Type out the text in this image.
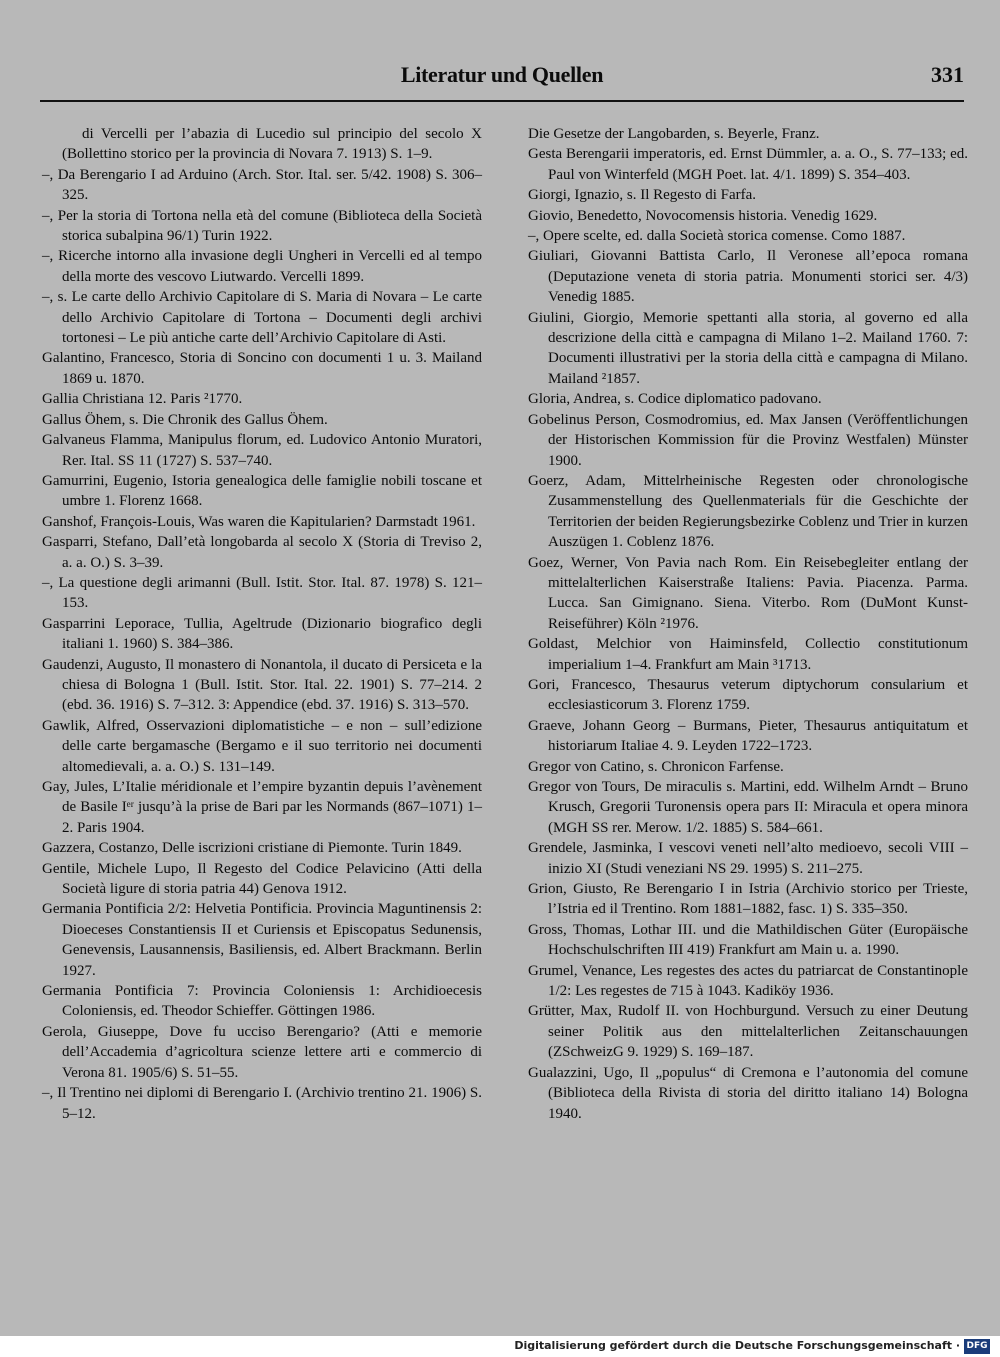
Literatur und Quellen	331

di Vercelli per l’abazia di Lucedio sul principio del secolo X (Bollettino storico per la provincia di Novara 7. 1913) S. 1–9.

–, Da Berengario I ad Arduino (Arch. Stor. Ital. ser. 5/42. 1908) S. 306–325.

–, Per la storia di Tortona nella età del comune (Biblioteca della Società storica subalpina 96/1) Turin 1922.

–, Ricerche intorno alla invasione degli Ungheri in Vercelli ed al tempo della morte des vescovo Liutwardo. Vercelli 1899.

–, s. Le carte dello Archivio Capitolare di S. Maria di Novara – Le carte dello Archivio Capitolare di Tortona – Documenti degli archivi tortonesi – Le più antiche carte dell’Archivio Capitolare di Asti.

Galantino, Francesco, Storia di Soncino con documenti 1 u. 3. Mailand 1869 u. 1870.

Gallia Christiana 12. Paris ²1770.

Gallus Öhem, s. Die Chronik des Gallus Öhem.

Galvaneus Flamma, Manipulus florum, ed. Ludovico Antonio Muratori, Rer. Ital. SS 11 (1727) S. 537–740.

Gamurrini, Eugenio, Istoria genealogica delle famiglie nobili toscane et umbre 1. Florenz 1668.

Ganshof, François-Louis, Was waren die Kapitularien? Darmstadt 1961.

Gasparri, Stefano, Dall’età longobarda al secolo X (Storia di Treviso 2, a. a. O.) S. 3–39.

–, La questione degli arimanni (Bull. Istit. Stor. Ital. 87. 1978) S. 121–153.

Gasparrini Leporace, Tullia, Ageltrude (Dizionario biografico degli italiani 1. 1960) S. 384–386.

Gaudenzi, Augusto, Il monastero di Nonantola, il ducato di Persiceta e la chiesa di Bologna 1 (Bull. Istit. Stor. Ital. 22. 1901) S. 77–214. 2 (ebd. 36. 1916) S. 7–312. 3: Appendice (ebd. 37. 1916) S. 313–570.

Gawlik, Alfred, Osservazioni diplomatistiche – e non – sull’edizione delle carte bergamasche (Bergamo e il suo territorio nei documenti altomedievali, a. a. O.) S. 131–149.

Gay, Jules, L’Italie méridionale et l’empire byzantin depuis l’avènement de Basile Iᵉʳ jusqu’à la prise de Bari par les Normands (867–1071) 1–2. Paris 1904.

Gazzera, Costanzo, Delle iscrizioni cristiane di Piemonte. Turin 1849.

Gentile, Michele Lupo, Il Regesto del Codice Pelavicino (Atti della Società ligure di storia patria 44) Genova 1912.

Germania Pontificia 2/2: Helvetia Pontificia. Provincia Maguntinensis 2: Dioeceses Constantiensis II et Curiensis et Episcopatus Sedunensis, Genevensis, Lausannensis, Basiliensis, ed. Albert Brackmann. Berlin 1927.

Germania Pontificia 7: Provincia Coloniensis 1: Archidioecesis Coloniensis, ed. Theodor Schieffer. Göttingen 1986.

Gerola, Giuseppe, Dove fu ucciso Berengario? (Atti e memorie dell’Accademia d’agricoltura scienze lettere arti e commercio di Verona 81. 1905/6) S. 51–55.

–, Il Trentino nei diplomi di Berengario I. (Archivio trentino 21. 1906) S. 5–12.

Die Gesetze der Langobarden, s. Beyerle, Franz.

Gesta Berengarii imperatoris, ed. Ernst Dümmler, a. a. O., S. 77–133; ed. Paul von Winterfeld (MGH Poet. lat. 4/1. 1899) S. 354–403.

Giorgi, Ignazio, s. Il Regesto di Farfa.

Giovio, Benedetto, Novocomensis historia. Venedig 1629.

–, Opere scelte, ed. dalla Società storica comense. Como 1887.

Giuliari, Giovanni Battista Carlo, Il Veronese all’epoca romana (Deputazione veneta di storia patria. Monumenti storici ser. 4/3) Venedig 1885.

Giulini, Giorgio, Memorie spettanti alla storia, al governo ed alla descrizione della città e campagna di Milano 1–2. Mailand 1760. 7: Documenti illustrativi per la storia della città e campagna di Milano. Mailand ²1857.

Gloria, Andrea, s. Codice diplomatico padovano.

Gobelinus Person, Cosmodromius, ed. Max Jansen (Veröffentlichungen der Historischen Kommission für die Provinz Westfalen) Münster 1900.

Goerz, Adam, Mittelrheinische Regesten oder chronologische Zusammenstellung des Quellenmaterials für die Geschichte der Territorien der beiden Regierungsbezirke Coblenz und Trier in kurzen Auszügen 1. Coblenz 1876.

Goez, Werner, Von Pavia nach Rom. Ein Reisebegleiter entlang der mittelalterlichen Kaiserstraße Italiens: Pavia. Piacenza. Parma. Lucca. San Gimignano. Siena. Viterbo. Rom (DuMont Kunst-Reiseführer) Köln ²1976.

Goldast, Melchior von Haiminsfeld, Collectio constitutionum imperialium 1–4. Frankfurt am Main ³1713.

Gori, Francesco, Thesaurus veterum diptychorum consularium et ecclesiasticorum 3. Florenz 1759.

Graeve, Johann Georg – Burmans, Pieter, Thesaurus antiquitatum et historiarum Italiae 4. 9. Leyden 1722–1723.

Gregor von Catino, s. Chronicon Farfense.

Gregor von Tours, De miraculis s. Martini, edd. Wilhelm Arndt – Bruno Krusch, Gregorii Turonensis opera pars II: Miracula et opera minora (MGH SS rer. Merow. 1/2. 1885) S. 584–661.

Grendele, Jasminka, I vescovi veneti nell’alto medioevo, secoli VIII – inizio XI (Studi veneziani NS 29. 1995) S. 211–275.

Grion, Giusto, Re Berengario I in Istria (Archivio storico per Trieste, l’Istria ed il Trentino. Rom 1881–1882, fasc. 1) S. 335–350.

Gross, Thomas, Lothar III. und die Mathildischen Güter (Europäische Hochschulschriften III 419) Frankfurt am Main u. a. 1990.

Grumel, Venance, Les regestes des actes du patriarcat de Constantinople 1/2: Les regestes de 715 à 1043. Kadiköy 1936.

Grütter, Max, Rudolf II. von Hochburgund. Versuch zu einer Deutung seiner Politik aus den mittelalterlichen Zeitanschauungen (ZSchweizG 9. 1929) S. 169–187.

Gualazzini, Ugo, Il „populus“ di Cremona e l’autonomia del comune (Biblioteca della Rivista di storia del diritto italiano 14) Bologna 1940.

Digitalisierung gefördert durch die Deutsche Forschungsgemeinschaft · DFG
